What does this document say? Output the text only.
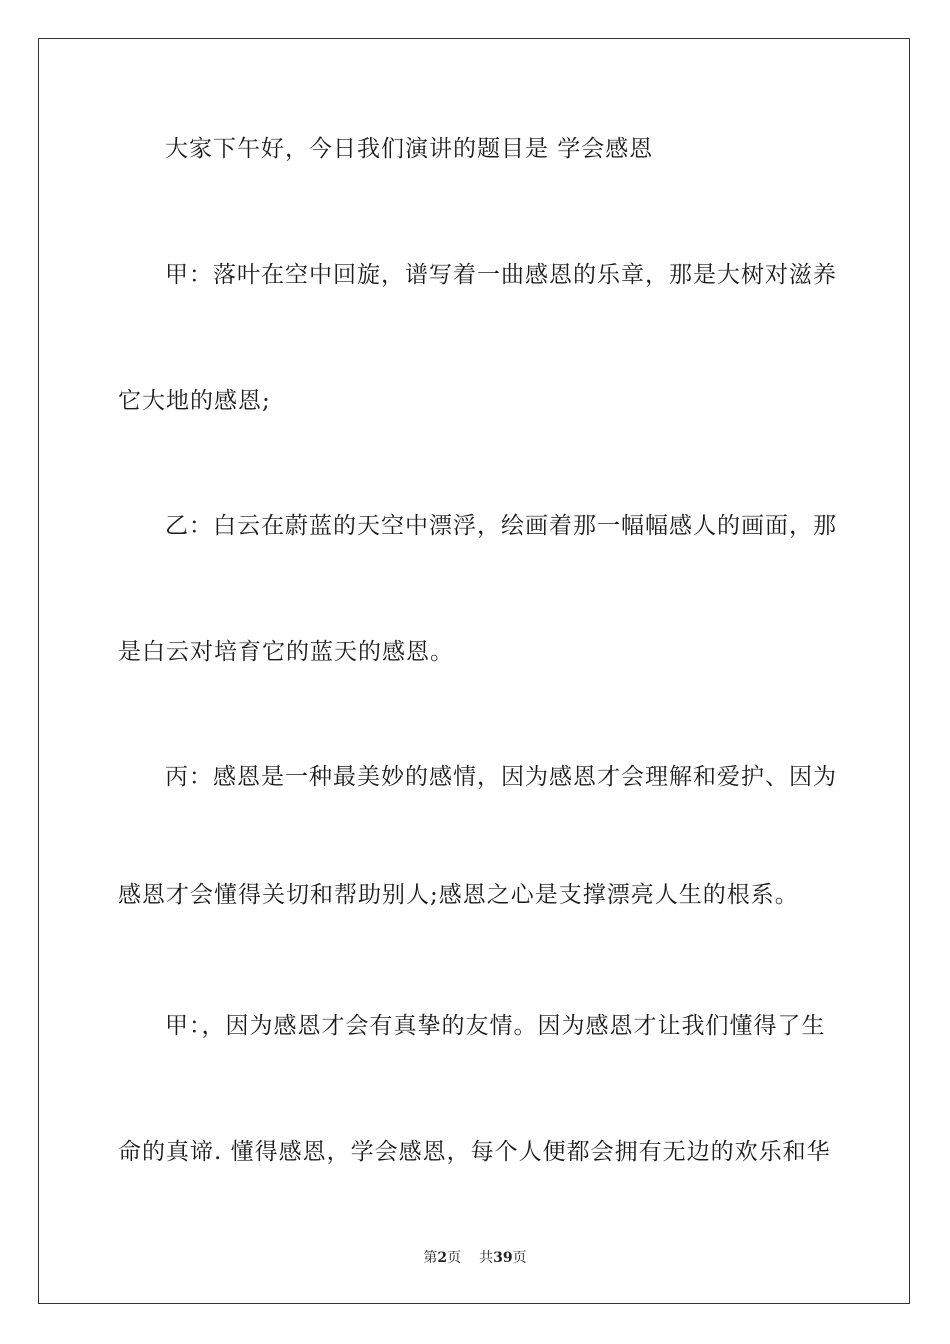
大家下午好，今日我们演讲的题目是 学会感恩
甲：落叶在空中回旋，谱写着一曲感恩的乐章，那是大树对滋养
它大地的感恩;
乙：白云在蔚蓝的天空中漂浮，绘画着那一幅幅感人的画面，那
是白云对培育它的蓝天的感恩。
丙：感恩是一种最美妙的感情，因为感恩才会理解和爱护、因为
感恩才会懂得关切和帮助别人;感恩之心是支撑漂亮人生的根系。
甲：，因为感恩才会有真挚的友情。因为感恩才让我们懂得了生
命的真谛. 懂得感恩，学会感恩，每个人便都会拥有无边的欢乐和华
第2页 共39页
